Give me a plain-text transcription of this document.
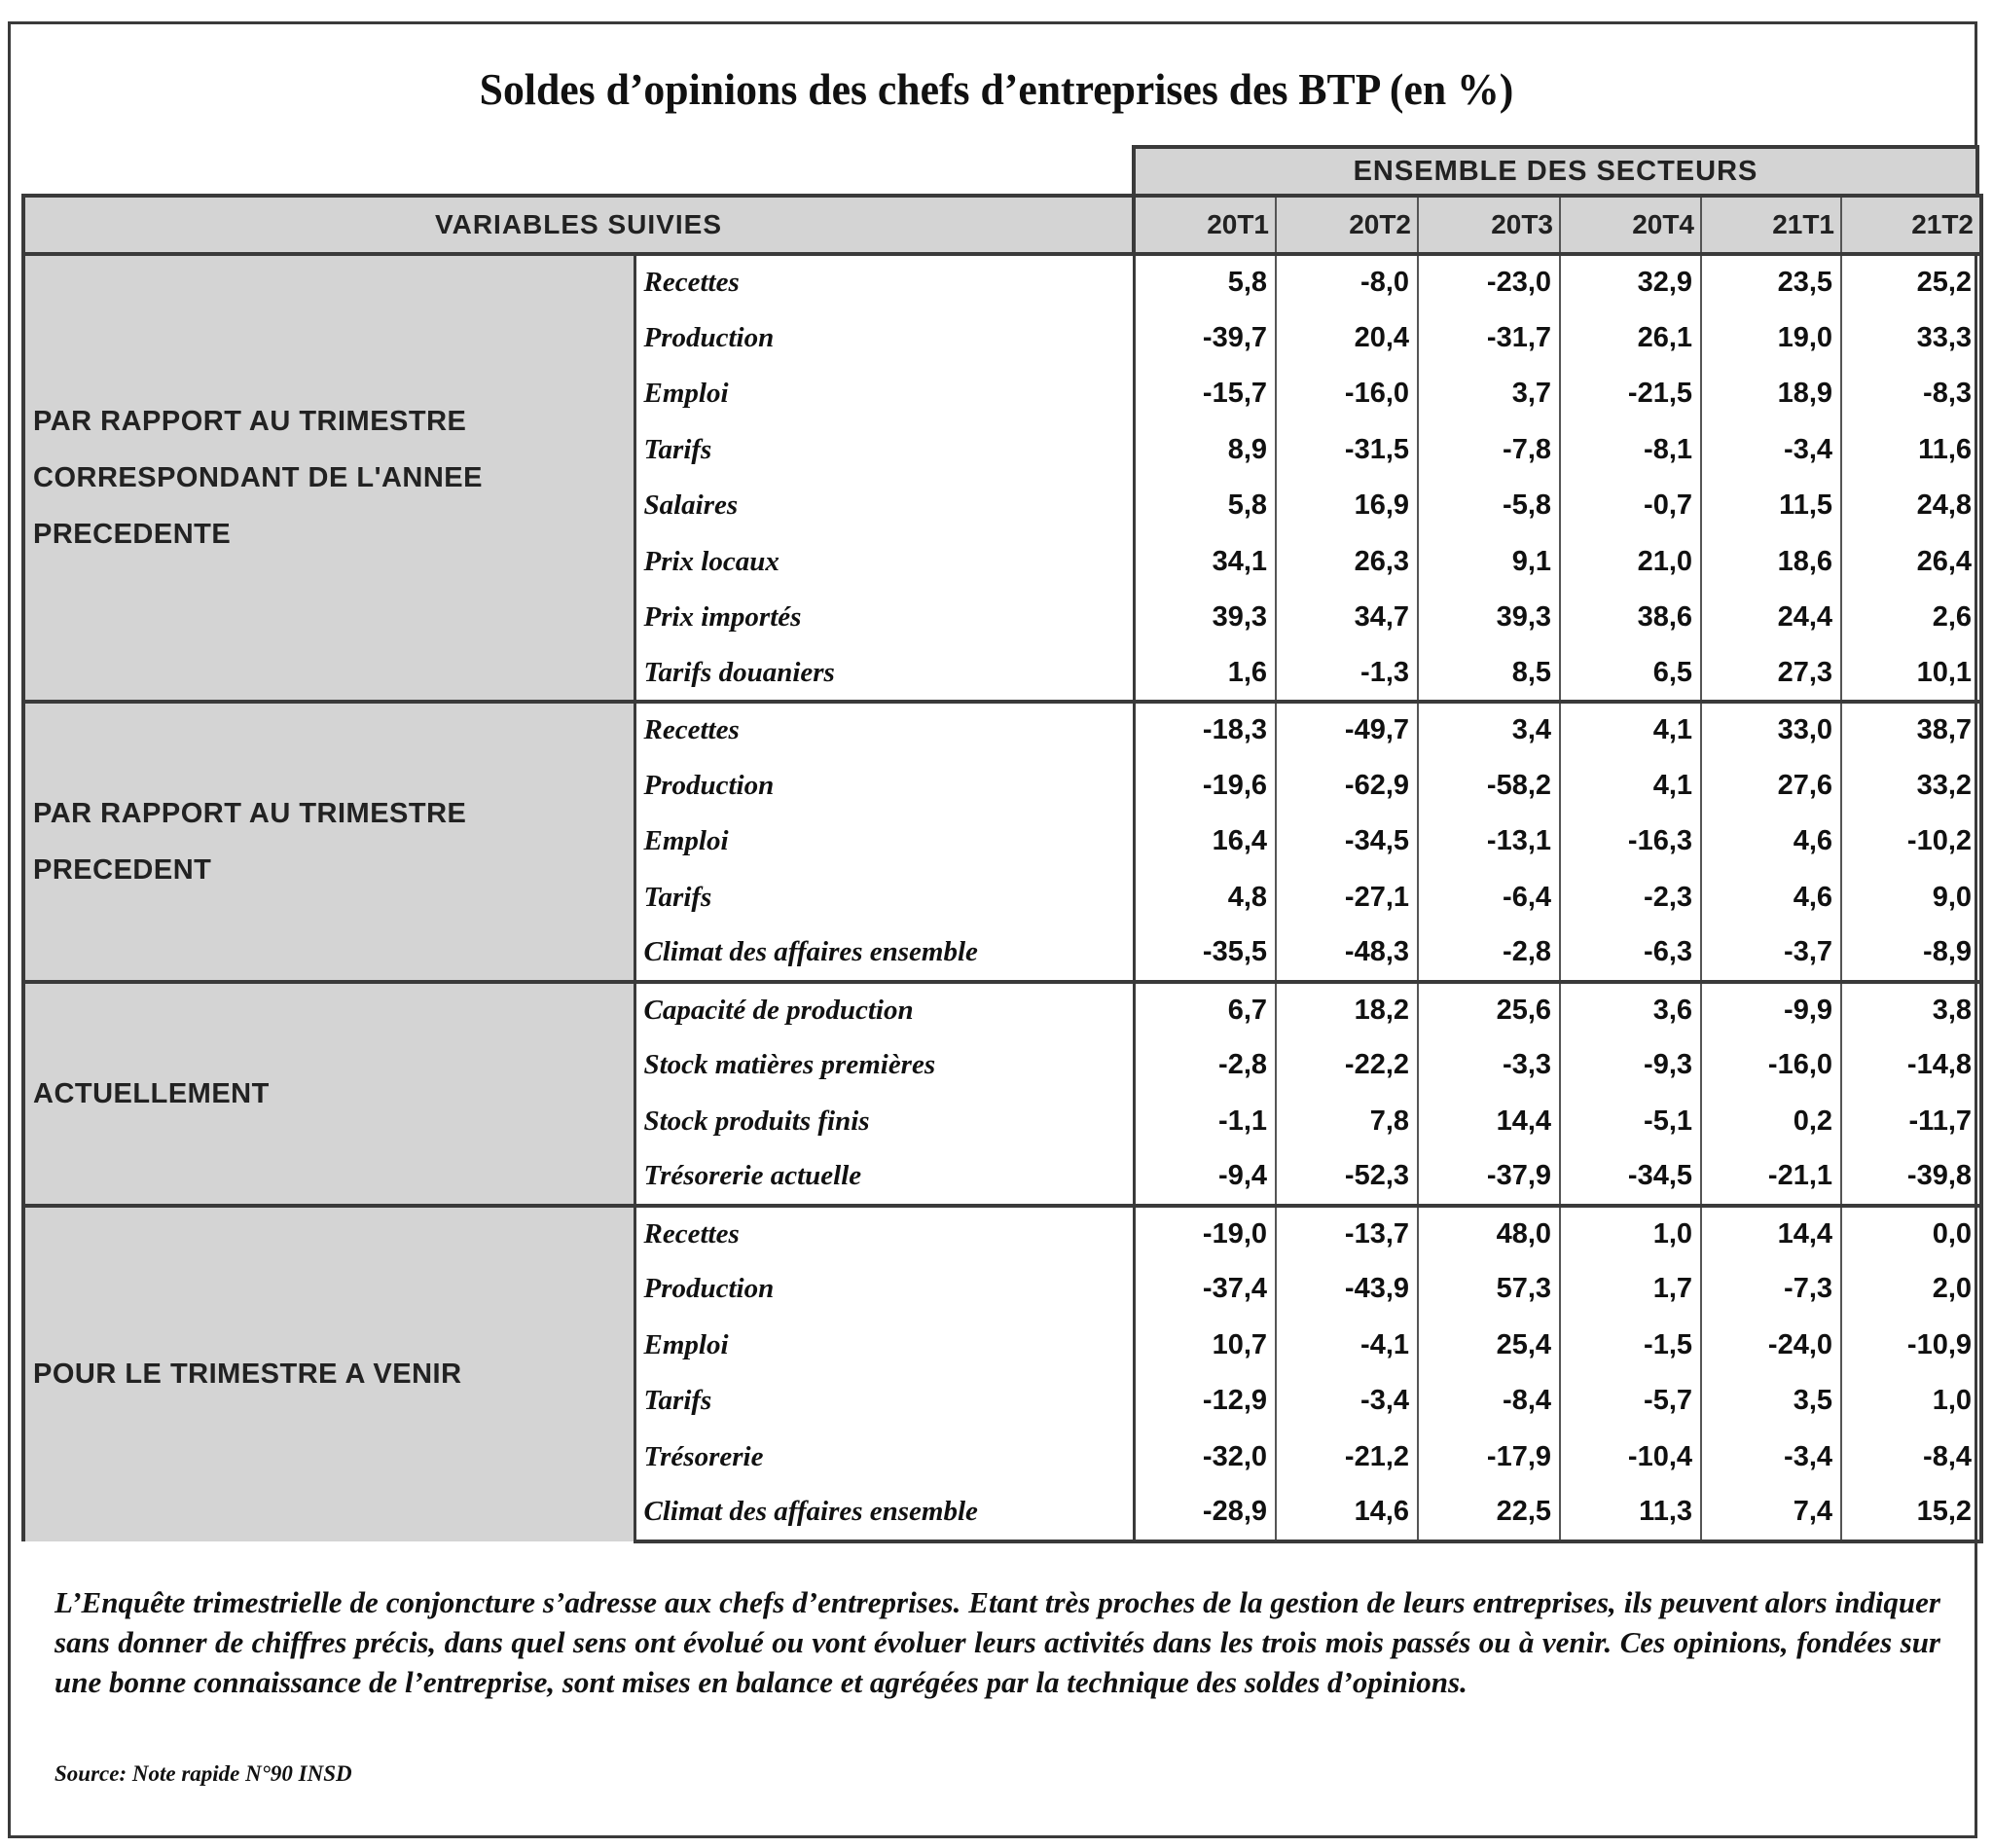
Soldes d’opinions des chefs d’entreprises des BTP (en %)
ENSEMBLE DES SECTEURS
VARIABLES SUIVIES		20T1	20T2	20T3	20T4	21T1	21T2
PAR RAPPORT AU TRIMESTRE
CORRESPONDANT DE L'ANNEE
PRECEDENTE	Recettes	5,8	-8,0	-23,0	32,9	23,5	25,2
	Production	-39,7	20,4	-31,7	26,1	19,0	33,3
	Emploi	-15,7	-16,0	3,7	-21,5	18,9	-8,3
	Tarifs	8,9	-31,5	-7,8	-8,1	-3,4	11,6
	Salaires	5,8	16,9	-5,8	-0,7	11,5	24,8
	Prix locaux	34,1	26,3	9,1	21,0	18,6	26,4
	Prix importés	39,3	34,7	39,3	38,6	24,4	2,6
	Tarifs douaniers	1,6	-1,3	8,5	6,5	27,3	10,1
PAR RAPPORT AU TRIMESTRE
PRECEDENT	Recettes	-18,3	-49,7	3,4	4,1	33,0	38,7
	Production	-19,6	-62,9	-58,2	4,1	27,6	33,2
	Emploi	16,4	-34,5	-13,1	-16,3	4,6	-10,2
	Tarifs	4,8	-27,1	-6,4	-2,3	4,6	9,0
	Climat des affaires ensemble	-35,5	-48,3	-2,8	-6,3	-3,7	-8,9
ACTUELLEMENT	Capacité de production	6,7	18,2	25,6	3,6	-9,9	3,8
	Stock matières premières	-2,8	-22,2	-3,3	-9,3	-16,0	-14,8
	Stock produits finis	-1,1	7,8	14,4	-5,1	0,2	-11,7
	Trésorerie actuelle	-9,4	-52,3	-37,9	-34,5	-21,1	-39,8
POUR LE TRIMESTRE A VENIR	Recettes	-19,0	-13,7	48,0	1,0	14,4	0,0
	Production	-37,4	-43,9	57,3	1,7	-7,3	2,0
	Emploi	10,7	-4,1	25,4	-1,5	-24,0	-10,9
	Tarifs	-12,9	-3,4	-8,4	-5,7	3,5	1,0
	Trésorerie	-32,0	-21,2	-17,9	-10,4	-3,4	-8,4
	Climat des affaires ensemble	-28,9	14,6	22,5	11,3	7,4	15,2
L’Enquête trimestrielle de conjoncture s’adresse aux chefs d’entreprises. Etant très proches de la gestion de leurs entreprises, ils peuvent alors indiquer sans donner de chiffres précis, dans quel sens ont évolué ou vont évoluer leurs activités dans les trois mois passés ou à venir. Ces opinions, fondées sur une bonne connaissance de l’entreprise, sont mises en balance et agrégées par la technique des soldes d’opinions.
Source: Note rapide N°90 INSD
